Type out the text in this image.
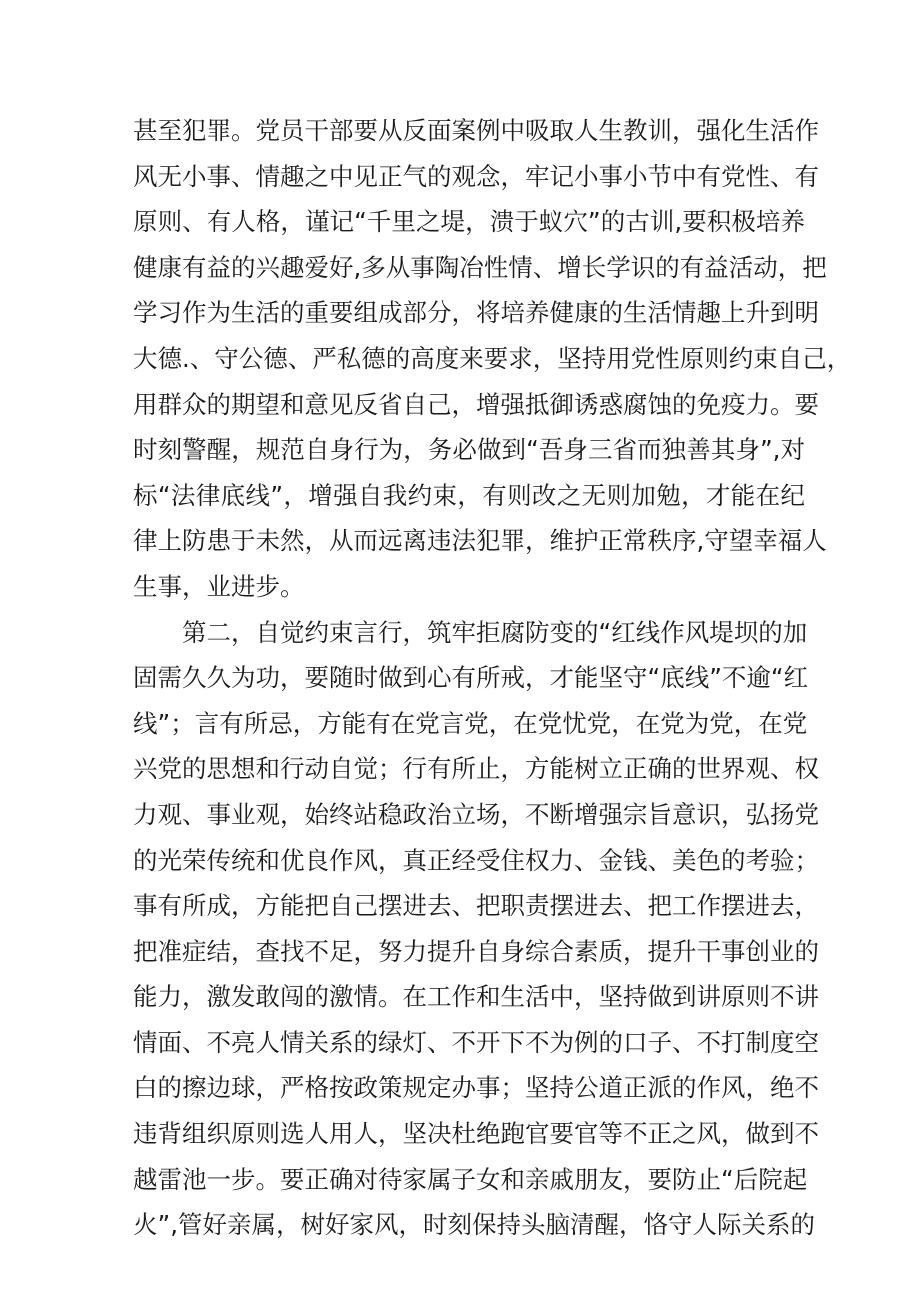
甚至犯罪。党员干部要从反面案例中吸取人生教训，强化生活作
风无小事、情趣之中见正气的观念，牢记小事小节中有党性、有
原则、有人格，谨记“千里之堤，溃于蚁穴”的古训,要积极培养
健康有益的兴趣爱好,多从事陶冶性情、增长学识的有益活动，把
学习作为生活的重要组成部分，将培养健康的生活情趣上升到明
大德.、守公德、严私德的高度来要求，坚持用党性原则约束自己，
用群众的期望和意见反省自己，增强抵御诱惑腐蚀的免疫力。要
时刻警醒，规范自身行为，务必做到“吾身三省而独善其身”,对
标“法律底线”，增强自我约束，有则改之无则加勉，才能在纪
律上防患于未然，从而远离违法犯罪，维护正常秩序,守望幸福人
生事，业进步。
第二，自觉约束言行，筑牢拒腐防变的“红线作风堤坝的加
固需久久为功，要随时做到心有所戒，才能坚守“底线”不逾“红
线”；言有所忌，方能有在党言党，在党忧党，在党为党，在党
兴党的思想和行动自觉；行有所止，方能树立正确的世界观、权
力观、事业观，始终站稳政治立场，不断增强宗旨意识，弘扬党
的光荣传统和优良作风，真正经受住权力、金钱、美色的考验；
事有所成，方能把自己摆进去、把职责摆进去、把工作摆进去，
把准症结，查找不足，努力提升自身综合素质，提升干事创业的
能力，激发敢闯的激情。在工作和生活中，坚持做到讲原则不讲
情面、不亮人情关系的绿灯、不开下不为例的口子、不打制度空
白的擦边球，严格按政策规定办事；坚持公道正派的作风，绝不
违背组织原则选人用人，坚决杜绝跑官要官等不正之风，做到不
越雷池一步。要正确对待家属子女和亲戚朋友，要防止“后院起
火”,管好亲属，树好家风，时刻保持头脑清醒，恪守人际关系的
